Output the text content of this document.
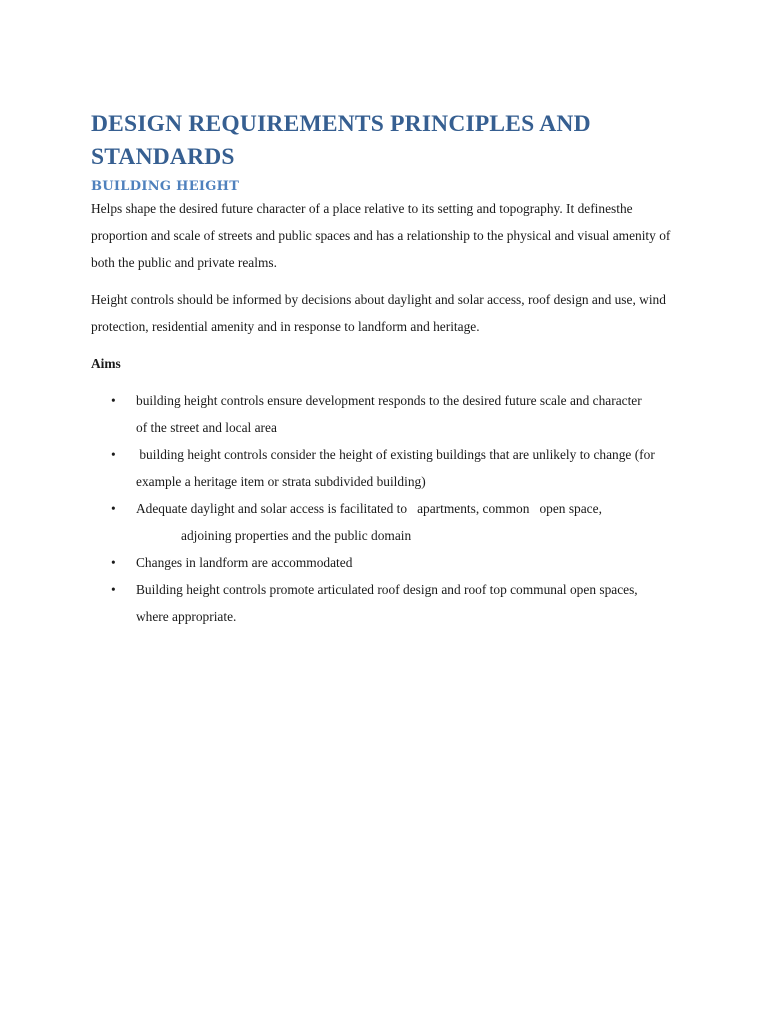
DESIGN REQUIREMENTS PRINCIPLES AND STANDARDS
BUILDING HEIGHT

Helps shape the desired future character of a place relative to its setting and topography. It definesthe proportion and scale of streets and public spaces and has a relationship to the physical and visual amenity of both the public and private realms.

Height controls should be informed by decisions about daylight and solar access, roof design and use, wind protection, residential amenity and in response to landform and heritage.

Aims

• building height controls ensure development responds to the desired future scale and character of the street and local area
• building height controls consider the height of existing buildings that are unlikely to change (for example a heritage item or strata subdivided building)
• Adequate daylight and solar access is facilitated to   apartments, common   open space,
adjoining properties and the public domain
• Changes in landform are accommodated
• Building height controls promote articulated roof design and roof top communal open spaces, where appropriate.
